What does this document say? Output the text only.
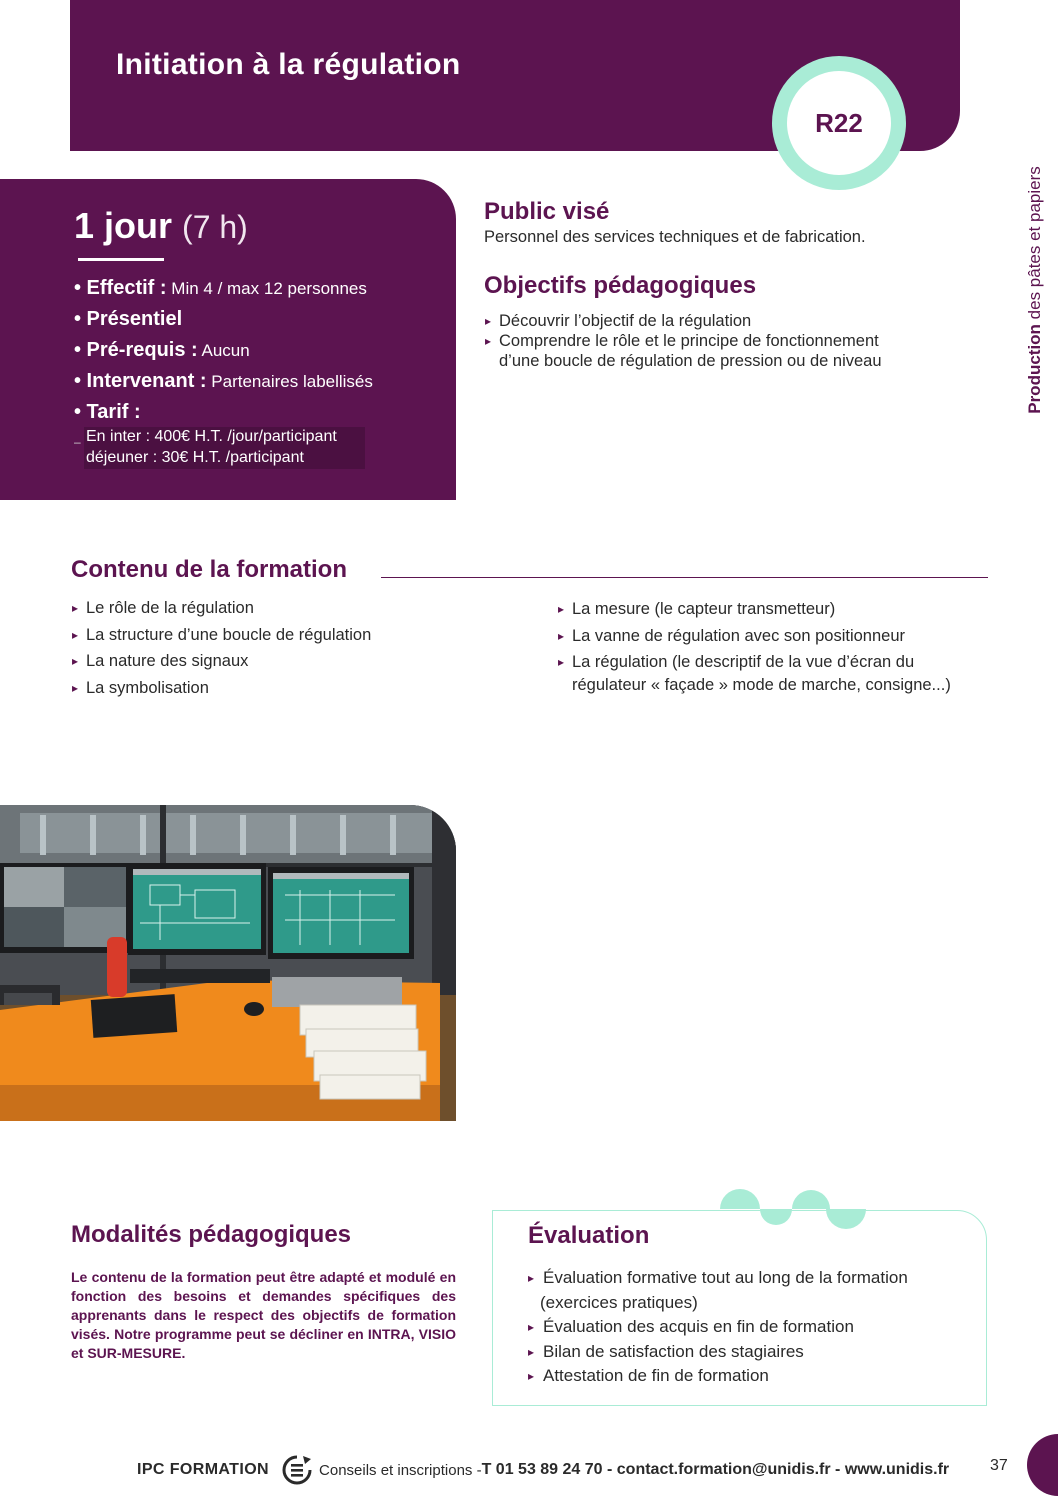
Initiation à la régulation
R22
Production des pâtes et papiers
1 jour (7 h)
• Effectif : Min 4 / max 12 personnes
• Présentiel
• Pré-requis : Aucun
• Intervenant : Partenaires labellisés
• Tarif :
– En inter : 400€ H.T. /jour/participant
déjeuner : 30€ H.T. /participant
Public visé
Personnel des services techniques et de fabrication.
Objectifs pédagogiques
▸ Découvrir l’objectif de la régulation
▸ Comprendre le rôle et le principe de fonctionnement
d’une boucle de régulation de pression ou de niveau
Contenu de la formation
▸ Le rôle de la régulation
▸ La structure d’une boucle de régulation
▸ La nature des signaux
▸ La symbolisation
▸ La mesure (le capteur transmetteur)
▸ La vanne de régulation avec son positionneur
▸ La régulation (le descriptif de la vue d’écran du
régulateur « façade » mode de marche, consigne...)
Modalités pédagogiques
Le contenu de la formation peut être adapté et modulé en fonction des besoins et demandes spécifiques des apprenants dans le respect des objectifs de formation visés. Notre programme peut se décliner en INTRA, VISIO et SUR-MESURE.
Évaluation
▸ Évaluation formative tout au long de la formation
(exercices pratiques)
▸ Évaluation des acquis en fin de formation
▸ Bilan de satisfaction des stagiaires
▸ Attestation de fin de formation
IPC FORMATION	Conseils et inscriptions - T 01 53 89 24 70 - contact.formation@unidis.fr - www.unidis.fr	37
